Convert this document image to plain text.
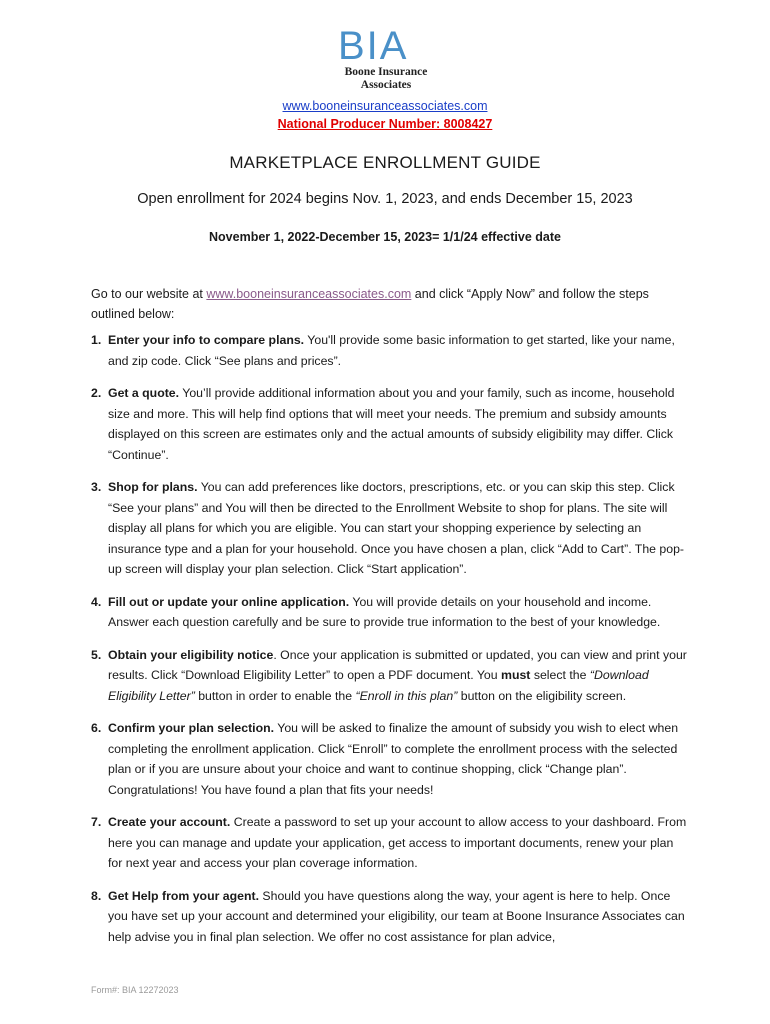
BIA
Boone Insurance
Associates
www.booneinsuranceassociates.com
National Producer Number: 8008427
MARKETPLACE ENROLLMENT GUIDE
Open enrollment for 2024 begins Nov. 1, 2023, and ends December 15, 2023
November 1, 2022-December 15, 2023= 1/1/24 effective date
Go to our website at www.booneinsuranceassociates.com and click “Apply Now” and follow the steps outlined below:
1. Enter your info to compare plans. You'll provide some basic information to get started, like your name, and zip code. Click “See plans and prices”.
2. Get a quote. You’ll provide additional information about you and your family, such as income, household size and more. This will help find options that will meet your needs. The premium and subsidy amounts displayed on this screen are estimates only and the actual amounts of subsidy eligibility may differ. Click “Continue”.
3. Shop for plans. You can add preferences like doctors, prescriptions, etc. or you can skip this step. Click “See your plans” and You will then be directed to the Enrollment Website to shop for plans. The site will display all plans for which you are eligible. You can start your shopping experience by selecting an insurance type and a plan for your household. Once you have chosen a plan, click “Add to Cart”. The pop-up screen will display your plan selection. Click “Start application”.
4. Fill out or update your online application. You will provide details on your household and income. Answer each question carefully and be sure to provide true information to the best of your knowledge.
5. Obtain your eligibility notice. Once your application is submitted or updated, you can view and print your results. Click “Download Eligibility Letter” to open a PDF document. You must select the “Download Eligibility Letter” button in order to enable the “Enroll in this plan” button on the eligibility screen.
6. Confirm your plan selection. You will be asked to finalize the amount of subsidy you wish to elect when completing the enrollment application. Click “Enroll” to complete the enrollment process with the selected plan or if you are unsure about your choice and want to continue shopping, click “Change plan”. Congratulations! You have found a plan that fits your needs!
7. Create your account. Create a password to set up your account to allow access to your dashboard. From here you can manage and update your application, get access to important documents, renew your plan for next year and access your plan coverage information.
8. Get Help from your agent. Should you have questions along the way, your agent is here to help. Once you have set up your account and determined your eligibility, our team at Boone Insurance Associates can help advise you in final plan selection. We offer no cost assistance for plan advice,
Form#: BIA 12272023
